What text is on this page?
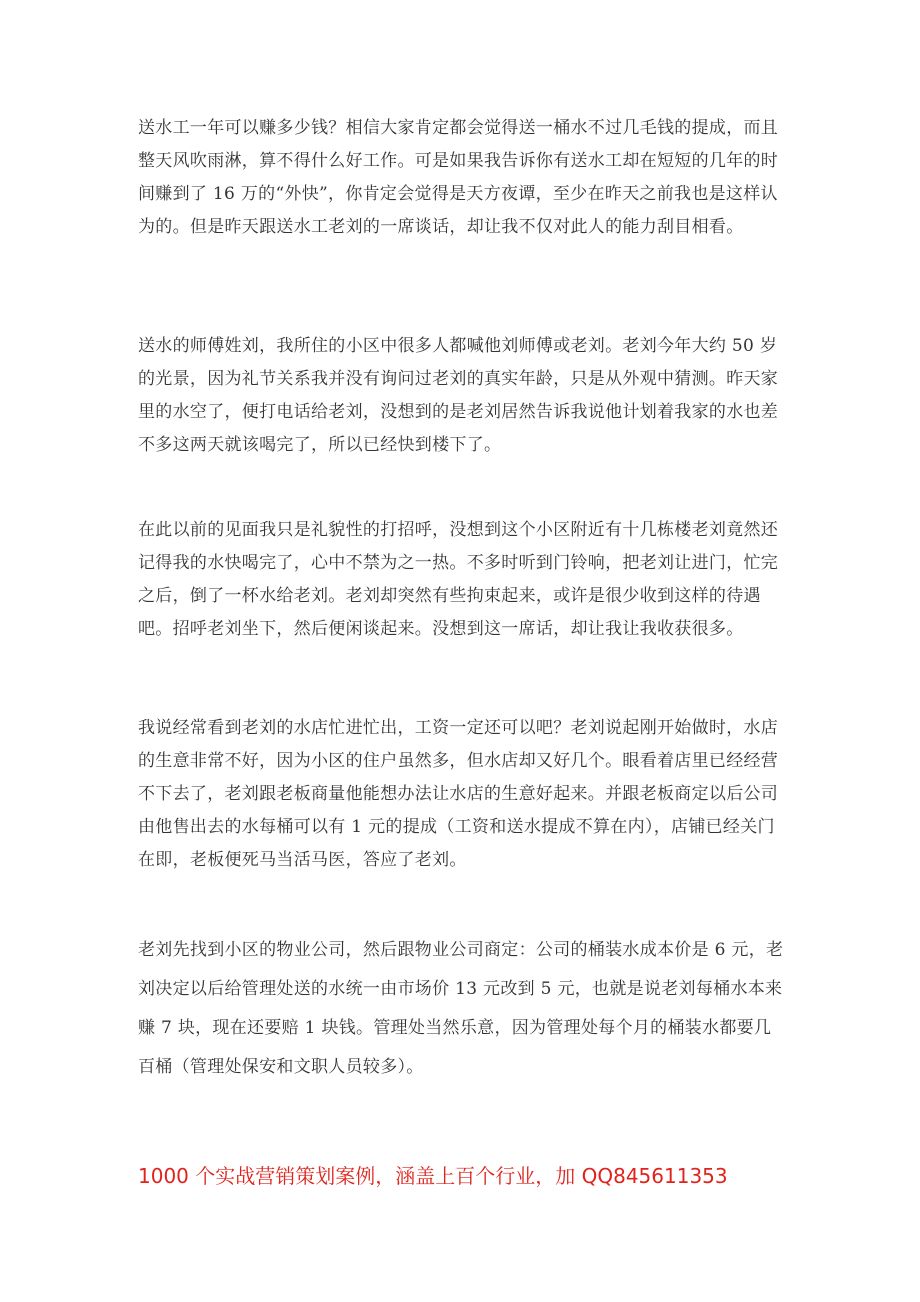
送水工一年可以赚多少钱？相信大家肯定都会觉得送一桶水不过几毛钱的提成，而且整天风吹雨淋，算不得什么好工作。可是如果我告诉你有送水工却在短短的几年的时间赚到了 16 万的“外快”，你肯定会觉得是天方夜谭，至少在昨天之前我也是这样认为的。但是昨天跟送水工老刘的一席谈话，却让我不仅对此人的能力刮目相看。

送水的师傅姓刘，我所住的小区中很多人都喊他刘师傅或老刘。老刘今年大约 50 岁的光景，因为礼节关系我并没有询问过老刘的真实年龄，只是从外观中猜测。昨天家里的水空了，便打电话给老刘，没想到的是老刘居然告诉我说他计划着我家的水也差不多这两天就该喝完了，所以已经快到楼下了。

在此以前的见面我只是礼貌性的打招呼，没想到这个小区附近有十几栋楼老刘竟然还记得我的水快喝完了，心中不禁为之一热。不多时听到门铃响，把老刘让进门，忙完之后，倒了一杯水给老刘。老刘却突然有些拘束起来，或许是很少收到这样的待遇吧。招呼老刘坐下，然后便闲谈起来。没想到这一席话，却让我让我收获很多。

我说经常看到老刘的水店忙进忙出，工资一定还可以吧？老刘说起刚开始做时，水店的生意非常不好，因为小区的住户虽然多，但水店却又好几个。眼看着店里已经经营不下去了，老刘跟老板商量他能想办法让水店的生意好起来。并跟老板商定以后公司由他售出去的水每桶可以有 1 元的提成（工资和送水提成不算在内），店铺已经关门在即，老板便死马当活马医，答应了老刘。

老刘先找到小区的物业公司，然后跟物业公司商定：公司的桶装水成本价是 6 元，老刘决定以后给管理处送的水统一由市场价 13 元改到 5 元，也就是说老刘每桶水本来赚 7 块，现在还要赔 1 块钱。管理处当然乐意，因为管理处每个月的桶装水都要几百桶（管理处保安和文职人员较多）。

1000 个实战营销策划案例，涵盖上百个行业，加 QQ845611353
